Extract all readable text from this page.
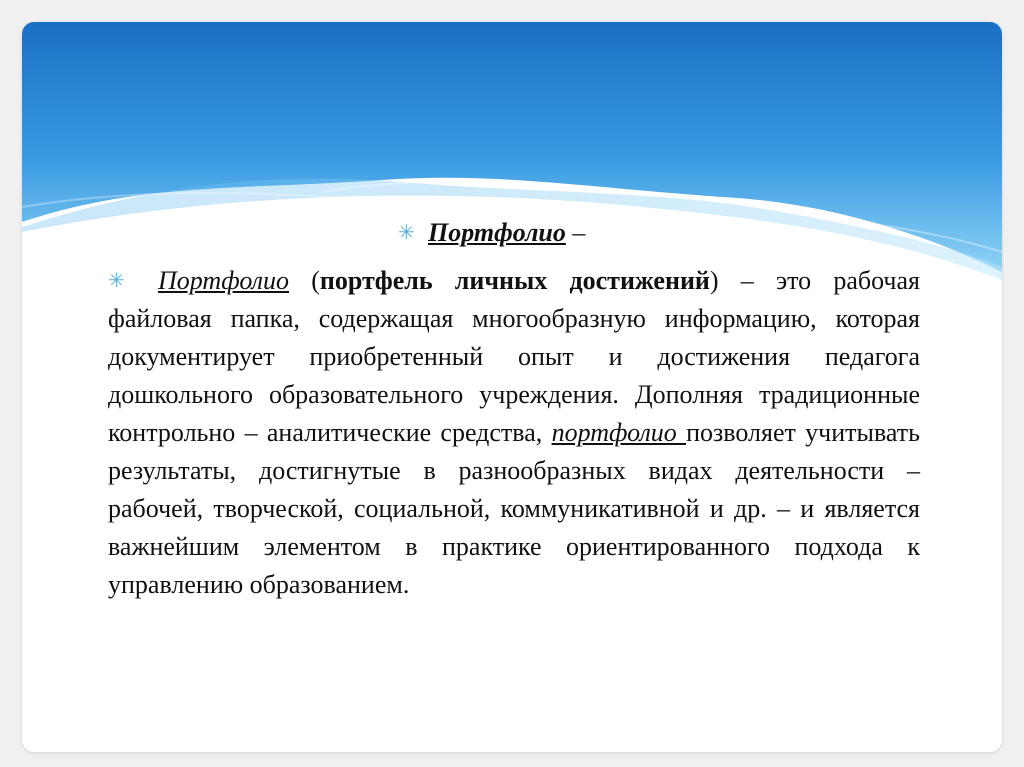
✳ Портфолио –
✳	Портфолио (портфель личных достижений) – это рабочая файловая папка, содержащая многообразную информацию, которая документирует приобретенный опыт и достижения педагога дошкольного образовательного учреждения. Дополняя традиционные контрольно – аналитические средства, портфолио позволяет учитывать результаты, достигнутые в разнообразных видах деятельности – рабочей, творческой, социальной, коммуникативной и др. – и является важнейшим элементом в практике ориентированного подхода к управлению образованием.
